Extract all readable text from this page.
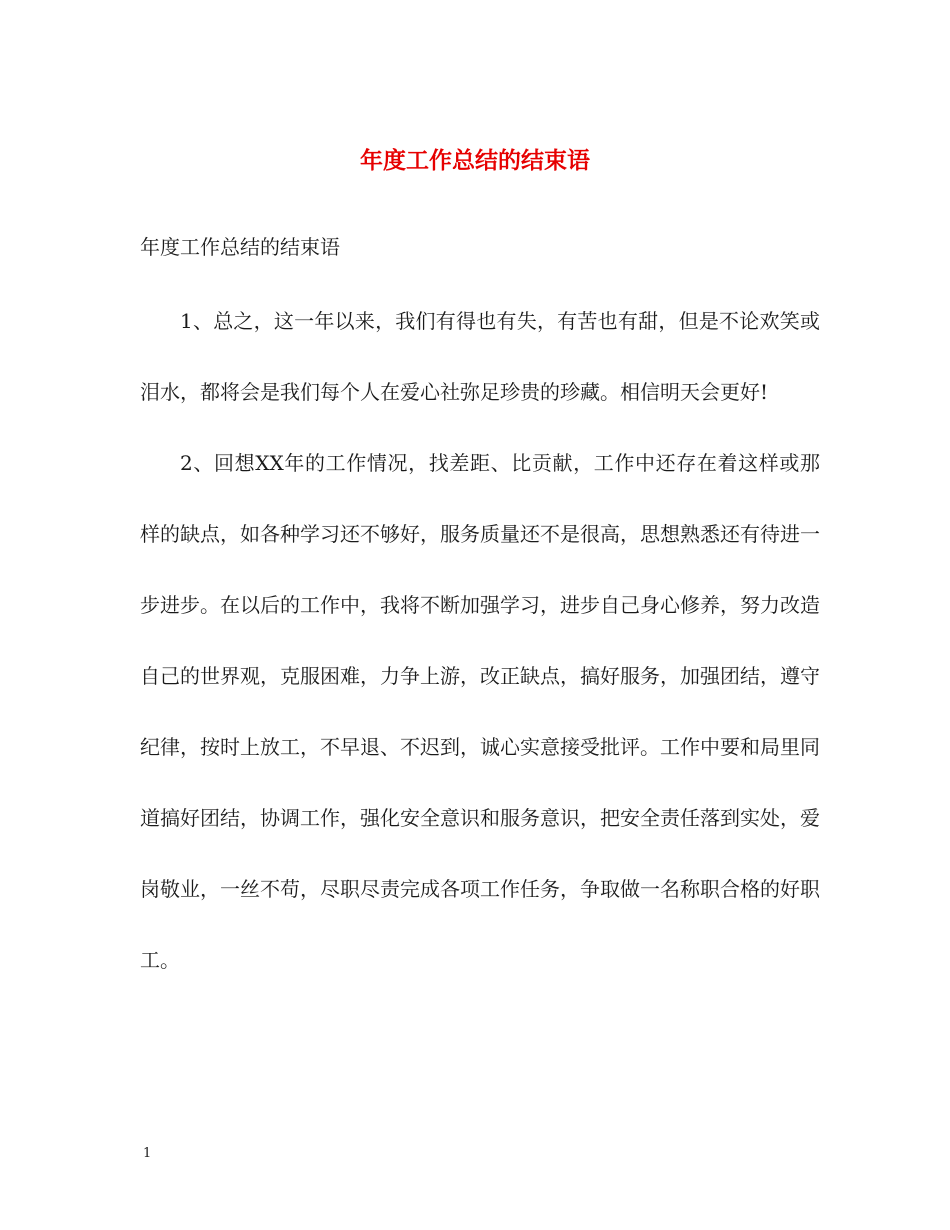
年度工作总结的结束语

年度工作总结的结束语

1、总之，这一年以来，我们有得也有失，有苦也有甜，但是不论欢笑或泪水，都将会是我们每个人在爱心社弥足珍贵的珍藏。相信明天会更好!

2、回想XX年的工作情况，找差距、比贡献，工作中还存在着这样或那样的缺点，如各种学习还不够好，服务质量还不是很高，思想熟悉还有待进一步进步。在以后的工作中，我将不断加强学习，进步自己身心修养，努力改造自己的世界观，克服困难，力争上游，改正缺点，搞好服务，加强团结，遵守纪律，按时上放工，不早退、不迟到，诚心实意接受批评。工作中要和局里同道搞好团结，协调工作，强化安全意识和服务意识，把安全责任落到实处，爱岗敬业，一丝不苟，尽职尽责完成各项工作任务，争取做一名称职合格的好职工。

1
